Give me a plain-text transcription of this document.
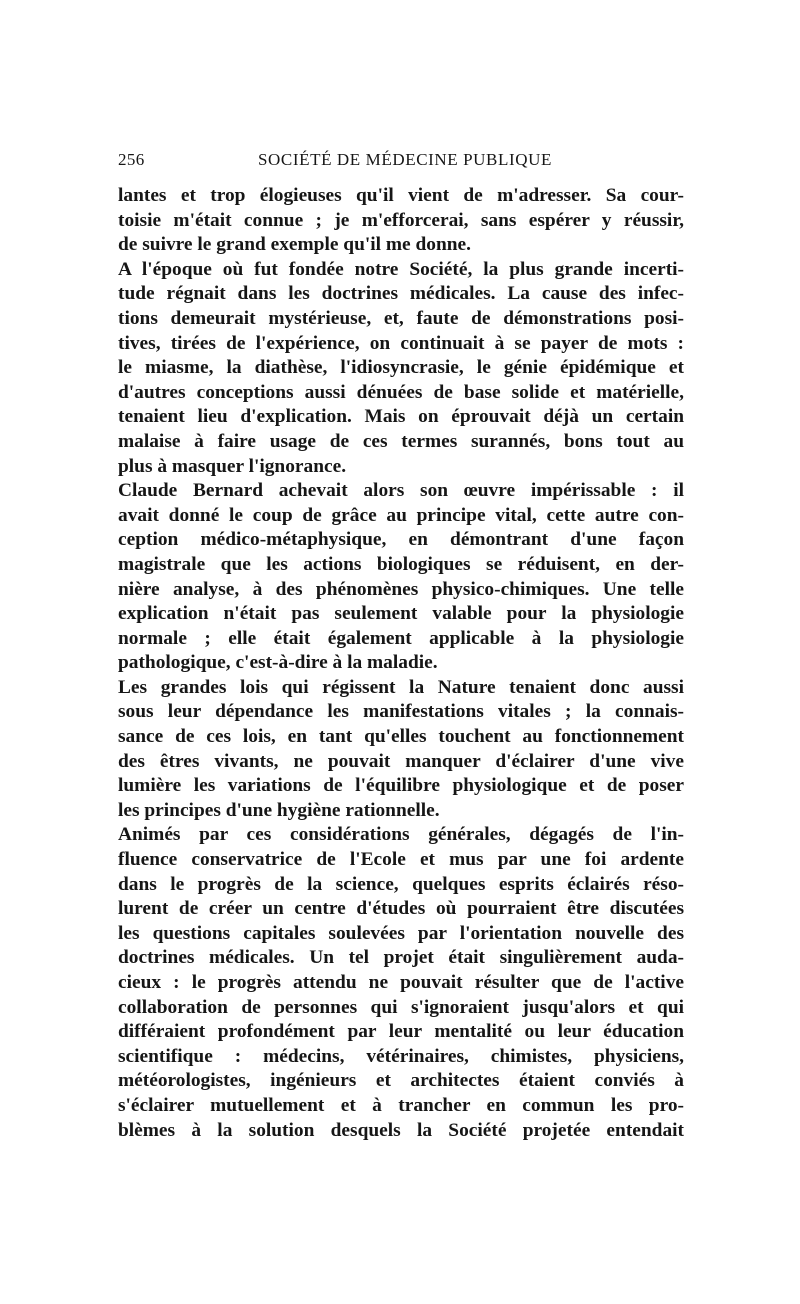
256	SOCIÉTÉ DE MÉDECINE PUBLIQUE
lantes et trop élogieuses qu'il vient de m'adresser. Sa cour-
toisie m'était connue ; je m'efforcerai, sans espérer y réussir,
de suivre le grand exemple qu'il me donne.
A l'époque où fut fondée notre Société, la plus grande incerti-
tude régnait dans les doctrines médicales. La cause des infec-
tions demeurait mystérieuse, et, faute de démonstrations posi-
tives, tirées de l'expérience, on continuait à se payer de mots :
le miasme, la diathèse, l'idiosyncrasie, le génie épidémique et
d'autres conceptions aussi dénuées de base solide et matérielle,
tenaient lieu d'explication. Mais on éprouvait déjà un certain
malaise à faire usage de ces termes surannés, bons tout au
plus à masquer l'ignorance.
Claude Bernard achevait alors son œuvre impérissable : il
avait donné le coup de grâce au principe vital, cette autre con-
ception médico-métaphysique, en démontrant d'une façon
magistrale que les actions biologiques se réduisent, en der-
nière analyse, à des phénomènes physico-chimiques. Une telle
explication n'était pas seulement valable pour la physiologie
normale ; elle était également applicable à la physiologie
pathologique, c'est-à-dire à la maladie.
Les grandes lois qui régissent la Nature tenaient donc aussi
sous leur dépendance les manifestations vitales ; la connais-
sance de ces lois, en tant qu'elles touchent au fonctionnement
des êtres vivants, ne pouvait manquer d'éclairer d'une vive
lumière les variations de l'équilibre physiologique et de poser
les principes d'une hygiène rationnelle.
Animés par ces considérations générales, dégagés de l'in-
fluence conservatrice de l'Ecole et mus par une foi ardente
dans le progrès de la science, quelques esprits éclairés réso-
lurent de créer un centre d'études où pourraient être discutées
les questions capitales soulevées par l'orientation nouvelle des
doctrines médicales. Un tel projet était singulièrement auda-
cieux : le progrès attendu ne pouvait résulter que de l'active
collaboration de personnes qui s'ignoraient jusqu'alors et qui
différaient profondément par leur mentalité ou leur éducation
scientifique : médecins, vétérinaires, chimistes, physiciens,
météorologistes, ingénieurs et architectes étaient conviés à
s'éclairer mutuellement et à trancher en commun les pro-
blèmes à la solution desquels la Société projetée entendait
